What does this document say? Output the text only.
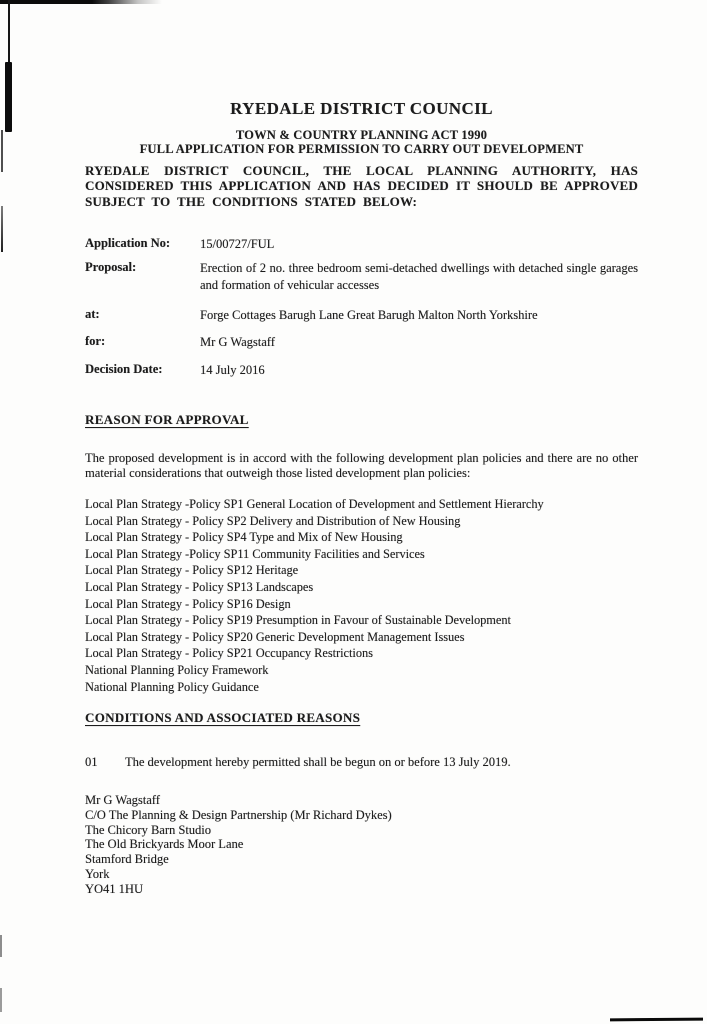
RYEDALE DISTRICT COUNCIL
TOWN & COUNTRY PLANNING ACT 1990
FULL APPLICATION FOR PERMISSION TO CARRY OUT DEVELOPMENT
RYEDALE DISTRICT COUNCIL, THE LOCAL PLANNING AUTHORITY, HAS CONSIDERED THIS APPLICATION AND HAS DECIDED IT SHOULD BE APPROVED SUBJECT TO THE CONDITIONS STATED BELOW:
Application No:	15/00727/FUL
Proposal:	Erection of 2 no. three bedroom semi-detached dwellings with detached single garages and formation of vehicular accesses
at:	Forge Cottages Barugh Lane Great Barugh Malton North Yorkshire
for:	Mr G Wagstaff
Decision Date:	14 July 2016
REASON FOR APPROVAL
The proposed development is in accord with the following development plan policies and there are no other material considerations that outweigh those listed development plan policies:
Local Plan Strategy -Policy SP1 General Location of Development and Settlement Hierarchy
Local Plan Strategy - Policy SP2 Delivery and Distribution of New Housing
Local Plan Strategy - Policy SP4 Type and Mix of New Housing
Local Plan Strategy -Policy SP11 Community Facilities and Services
Local Plan Strategy - Policy SP12 Heritage
Local Plan Strategy - Policy SP13 Landscapes
Local Plan Strategy - Policy SP16 Design
Local Plan Strategy - Policy SP19 Presumption in Favour of Sustainable Development
Local Plan Strategy - Policy SP20 Generic Development Management Issues
Local Plan Strategy - Policy SP21 Occupancy Restrictions
National Planning Policy Framework
National Planning Policy Guidance
CONDITIONS AND ASSOCIATED REASONS
01	The development hereby permitted shall be begun on or before 13 July 2019.
Mr G Wagstaff
C/O The Planning & Design Partnership (Mr Richard Dykes)
The Chicory Barn Studio
The Old Brickyards Moor Lane
Stamford Bridge
York
YO41 1HU
